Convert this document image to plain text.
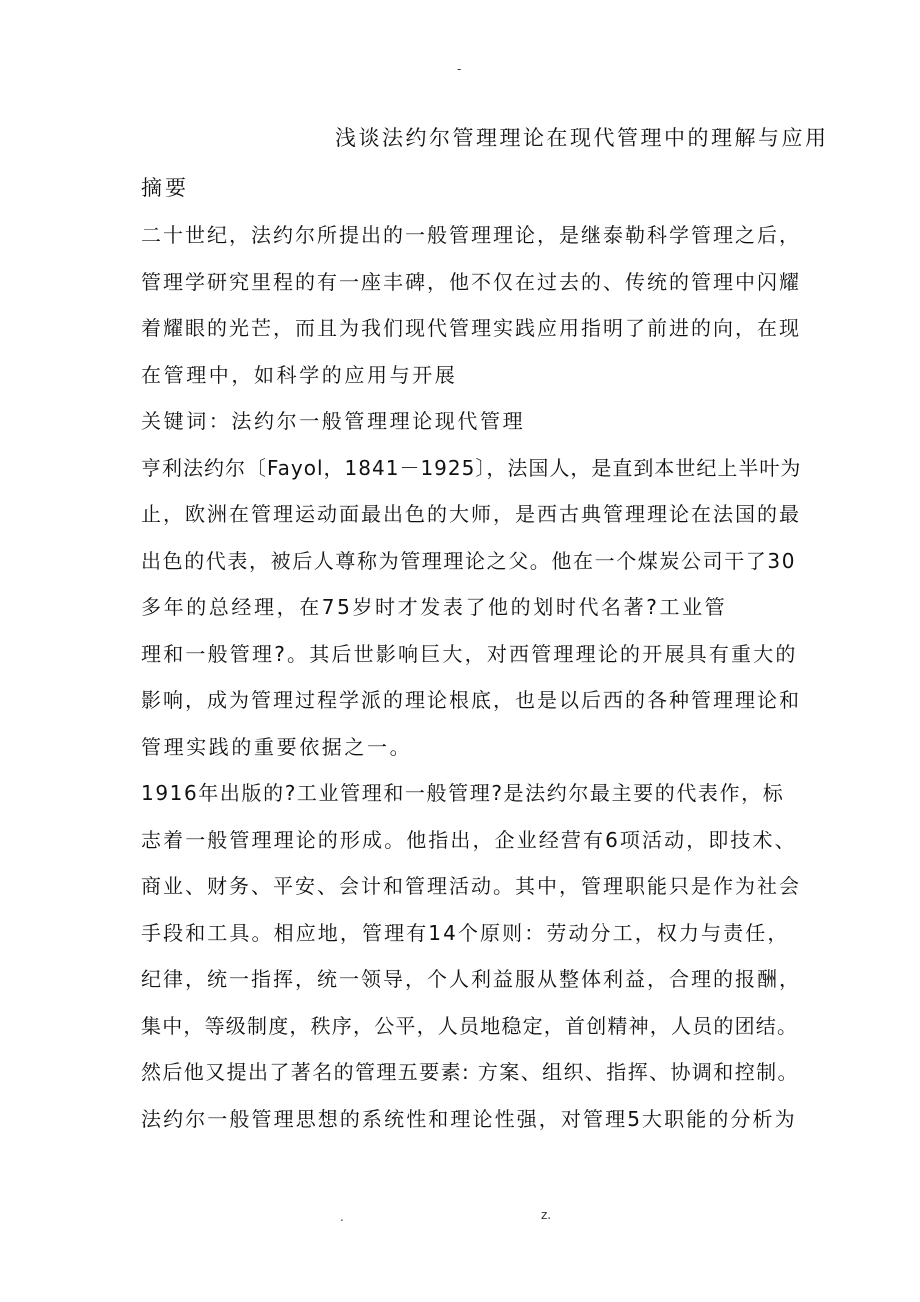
-
浅谈法约尔管理理论在现代管理中的理解与应用
摘要
二十世纪，法约尔所提出的一般管理理论，是继泰勒科学管理之后，
管理学研究里程的有一座丰碑，他不仅在过去的、传统的管理中闪耀
着耀眼的光芒，而且为我们现代管理实践应用指明了前进的向，在现
在管理中，如科学的应用与开展
关键词：法约尔一般管理理论现代管理
亨利法约尔〔Fayol，1841－1925〕，法国人，是直到本世纪上半叶为
止，欧洲在管理运动面最出色的大师，是西古典管理理论在法国的最
出色的代表，被后人尊称为管理理论之父。他在一个煤炭公司干了30
多年的总经理，在75岁时才发表了他的划时代名著?工业管
理和一般管理?。其后世影响巨大，对西管理理论的开展具有重大的
影响，成为管理过程学派的理论根底，也是以后西的各种管理理论和
管理实践的重要依据之一。
1916年出版的?工业管理和一般管理?是法约尔最主要的代表作，标
志着一般管理理论的形成。他指出，企业经营有6项活动，即技术、
商业、财务、平安、会计和管理活动。其中，管理职能只是作为社会
手段和工具。相应地，管理有14个原则：劳动分工，权力与责任，
纪律，统一指挥，统一领导，个人利益服从整体利益，合理的报酬，
集中，等级制度，秩序，公平，人员地稳定，首创精神，人员的团结。
然后他又提出了著名的管理五要素: 方案、组织、指挥、协调和控制。
法约尔一般管理思想的系统性和理论性强，对管理5大职能的分析为
.	z.
